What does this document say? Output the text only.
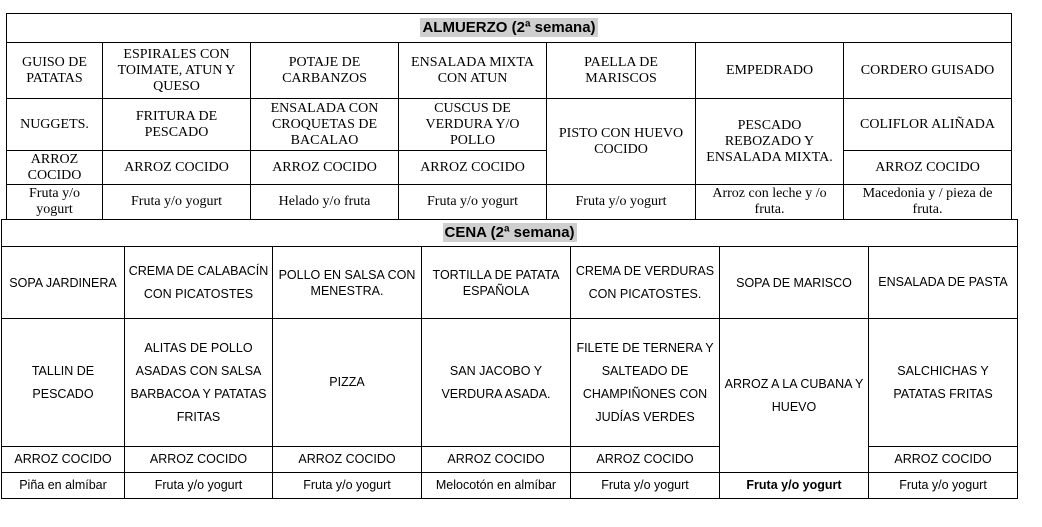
ALMUERZO (2ª semana)						
GUISO DE PATATAS	ESPIRALES CON TOIMATE, ATUN Y QUESO	POTAJE DE CARBANZOS	ENSALADA MIXTA CON ATUN	PAELLA DE MARISCOS	EMPEDRADO	CORDERO GUISADO
NUGGETS.	FRITURA DE PESCADO	ENSALADA CON CROQUETAS DE BACALAO	CUSCUS DE VERDURA Y/O POLLO	PISTO CON HUEVO COCIDO	PESCADO REBOZADO Y ENSALADA MIXTA.	COLIFLOR ALIÑADA
ARROZ COCIDO	ARROZ COCIDO	ARROZ COCIDO	ARROZ COCIDO			ARROZ COCIDO
Fruta y/o yogurt	Fruta y/o yogurt	Helado y/o fruta	Fruta y/o yogurt	Fruta y/o yogurt	Arroz con leche y /o fruta.	Macedonia y / pieza de fruta.
CENA (2ª semana)						
SOPA JARDINERA	CREMA DE CALABACÍN CON PICATOSTES	POLLO EN SALSA CON MENESTRA.	TORTILLA DE PATATA ESPAÑOLA	CREMA DE VERDURAS CON PICATOSTES.	SOPA DE MARISCO	ENSALADA DE PASTA
TALLIN DE PESCADO	ALITAS DE POLLO ASADAS CON SALSA BARBACOA Y PATATAS FRITAS	PIZZA	SAN JACOBO Y VERDURA ASADA.	FILETE DE TERNERA Y SALTEADO DE CHAMPIÑONES CON JUDÍAS VERDES	ARROZ A LA CUBANA Y HUEVO	SALCHICHAS Y PATATAS FRITAS
ARROZ COCIDO	ARROZ COCIDO	ARROZ COCIDO	ARROZ COCIDO	ARROZ COCIDO		ARROZ COCIDO
Piña en almíbar	Fruta y/o yogurt	Fruta y/o yogurt	Melocotón en almíbar	Fruta y/o yogurt	Fruta y/o yogurt	Fruta y/o yogurt
